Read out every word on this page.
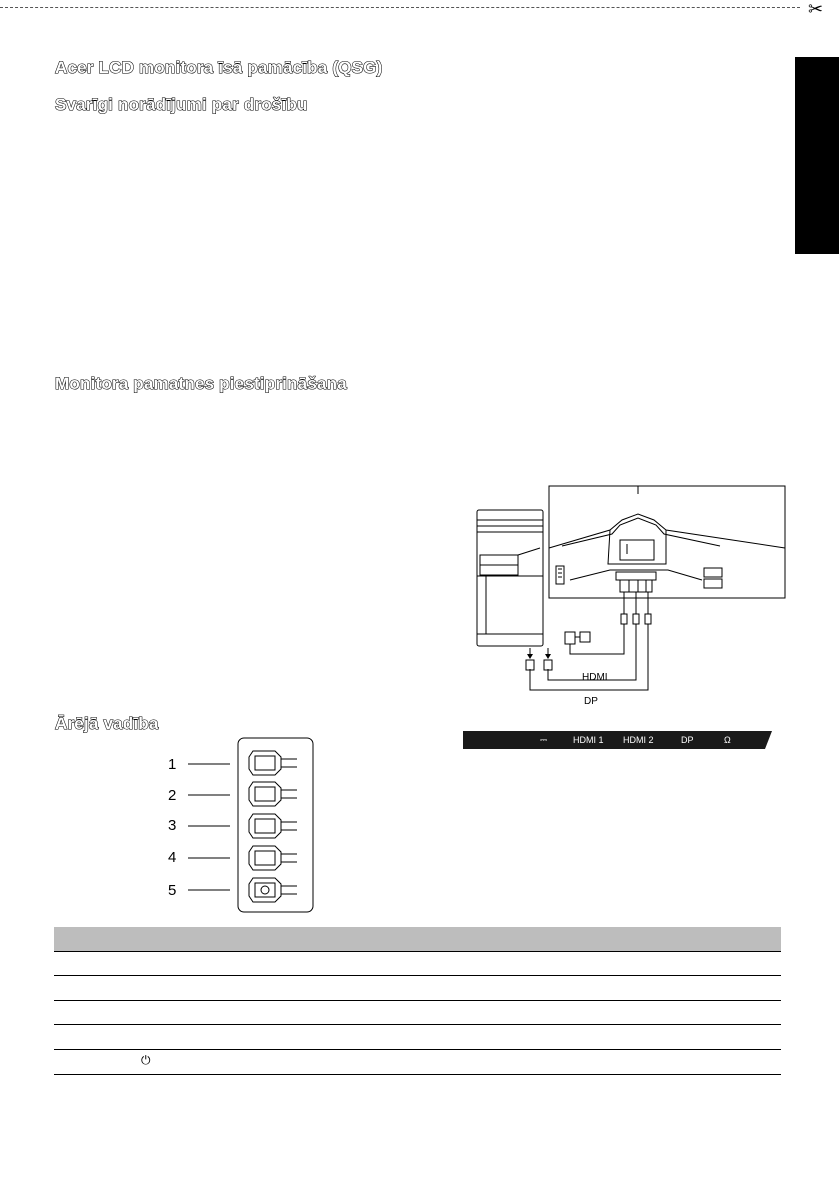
✂
Acer LCD monitora īsā pamācība (QSG)
Svarīgi norādījumi par drošību
Monitora pamatnes piestiprināšana
Ārējā vadība
HDMI
DP
⎓	HDMI 1 HDMI 2	DP	Ω
1
2
3
4
5
⏻
